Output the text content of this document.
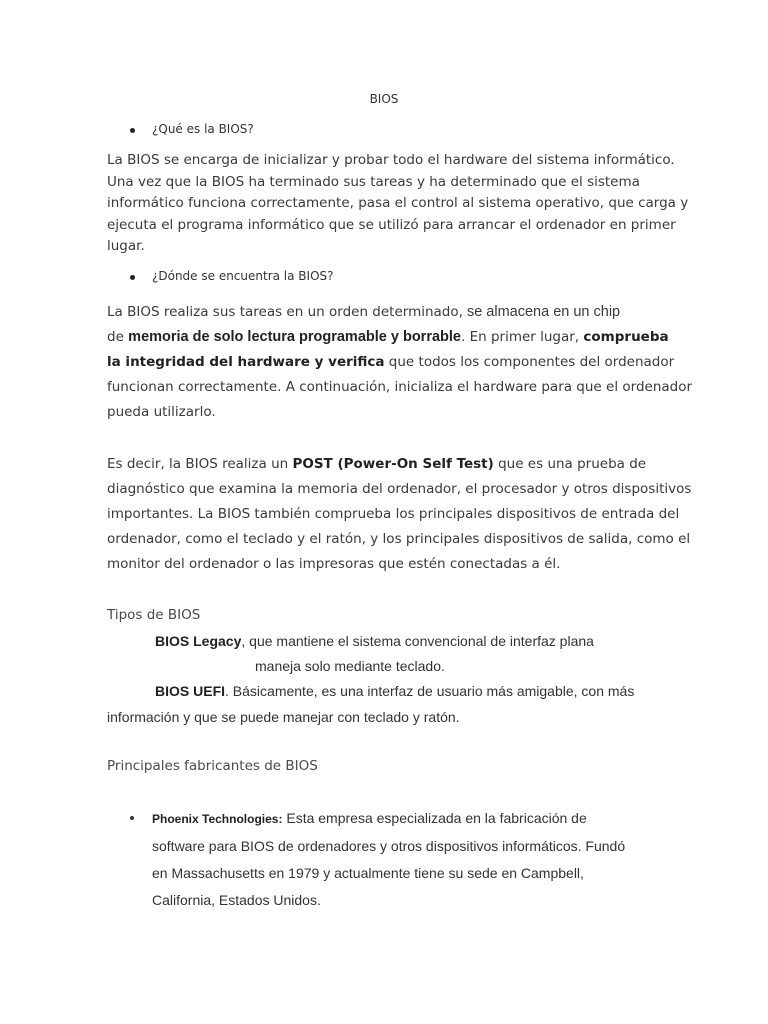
BIOS
¿Qué es la BIOS?
La BIOS se encarga de inicializar y probar todo el hardware del sistema informático.
Una vez que la BIOS ha terminado sus tareas y ha determinado que el sistema
informático funciona correctamente, pasa el control al sistema operativo, que carga y
ejecuta el programa informático que se utilizó para arrancar el ordenador en primer
lugar.
¿Dónde se encuentra la BIOS?
La BIOS realiza sus tareas en un orden determinado, se almacena en un chip
de memoria de solo lectura programable y borrable. En primer lugar, comprueba
la integridad del hardware y verifica que todos los componentes del ordenador
funcionan correctamente. A continuación, inicializa el hardware para que el ordenador
pueda utilizarlo.
Es decir, la BIOS realiza un POST (Power-On Self Test) que es una prueba de
diagnóstico que examina la memoria del ordenador, el procesador y otros dispositivos
importantes. La BIOS también comprueba los principales dispositivos de entrada del
ordenador, como el teclado y el ratón, y los principales dispositivos de salida, como el
monitor del ordenador o las impresoras que estén conectadas a él.
Tipos de BIOS
BIOS Legacy, que mantiene el sistema convencional de interfaz plana
maneja solo mediante teclado.
BIOS UEFI. Básicamente, es una interfaz de usuario más amigable, con más
información y que se puede manejar con teclado y ratón.
Principales fabricantes de BIOS
Phoenix Technologies: Esta empresa especializada en la fabricación de
software para BIOS de ordenadores y otros dispositivos informáticos. Fundó
en Massachusetts en 1979 y actualmente tiene su sede en Campbell,
California, Estados Unidos.
